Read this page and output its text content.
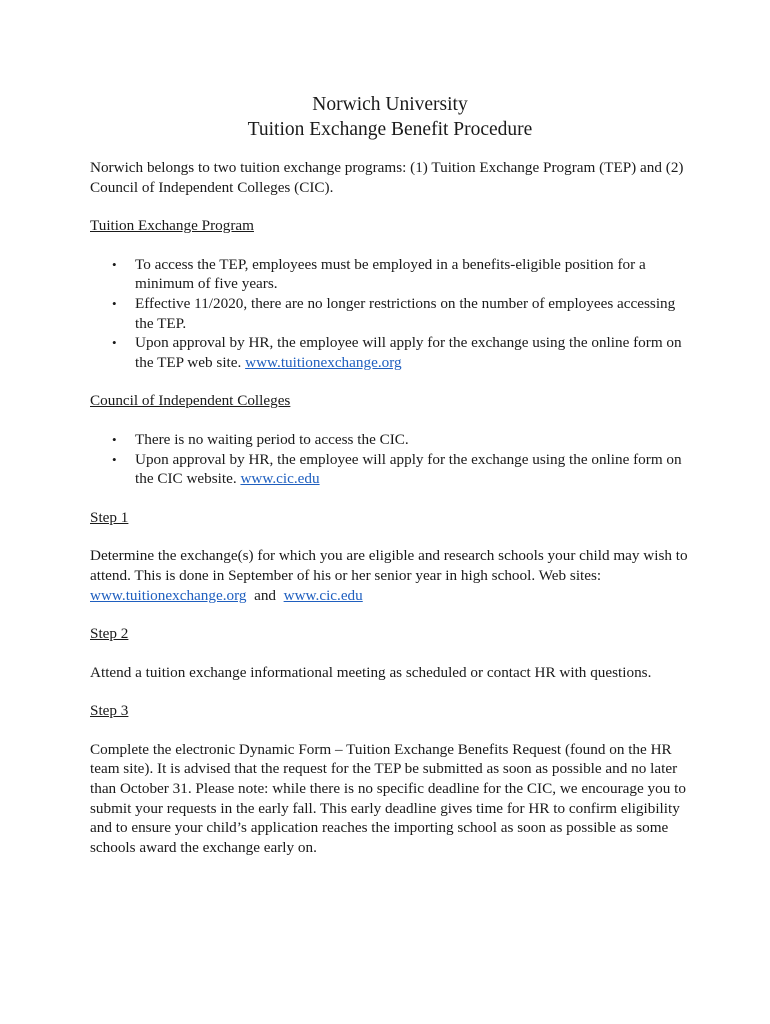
Norwich University
Tuition Exchange Benefit Procedure

Norwich belongs to two tuition exchange programs: (1) Tuition Exchange Program (TEP) and (2) Council of Independent Colleges (CIC).

Tuition Exchange Program
• To access the TEP, employees must be employed in a benefits-eligible position for a minimum of five years.
• Effective 11/2020, there are no longer restrictions on the number of employees accessing the TEP.
• Upon approval by HR, the employee will apply for the exchange using the online form on the TEP web site. www.tuitionexchange.org
Council of Independent Colleges
• There is no waiting period to access the CIC.
• Upon approval by HR, the employee will apply for the exchange using the online form on the CIC website. www.cic.edu
Step 1

Determine the exchange(s) for which you are eligible and research schools your child may wish to attend. This is done in September of his or her senior year in high school. Web sites: www.tuitionexchange.org  and  www.cic.edu

Step 2

Attend a tuition exchange informational meeting as scheduled or contact HR with questions.

Step 3

Complete the electronic Dynamic Form – Tuition Exchange Benefits Request (found on the HR team site). It is advised that the request for the TEP be submitted as soon as possible and no later than October 31. Please note: while there is no specific deadline for the CIC, we encourage you to submit your requests in the early fall. This early deadline gives time for HR to confirm eligibility and to ensure your child’s application reaches the importing school as soon as possible as some schools award the exchange early on.
